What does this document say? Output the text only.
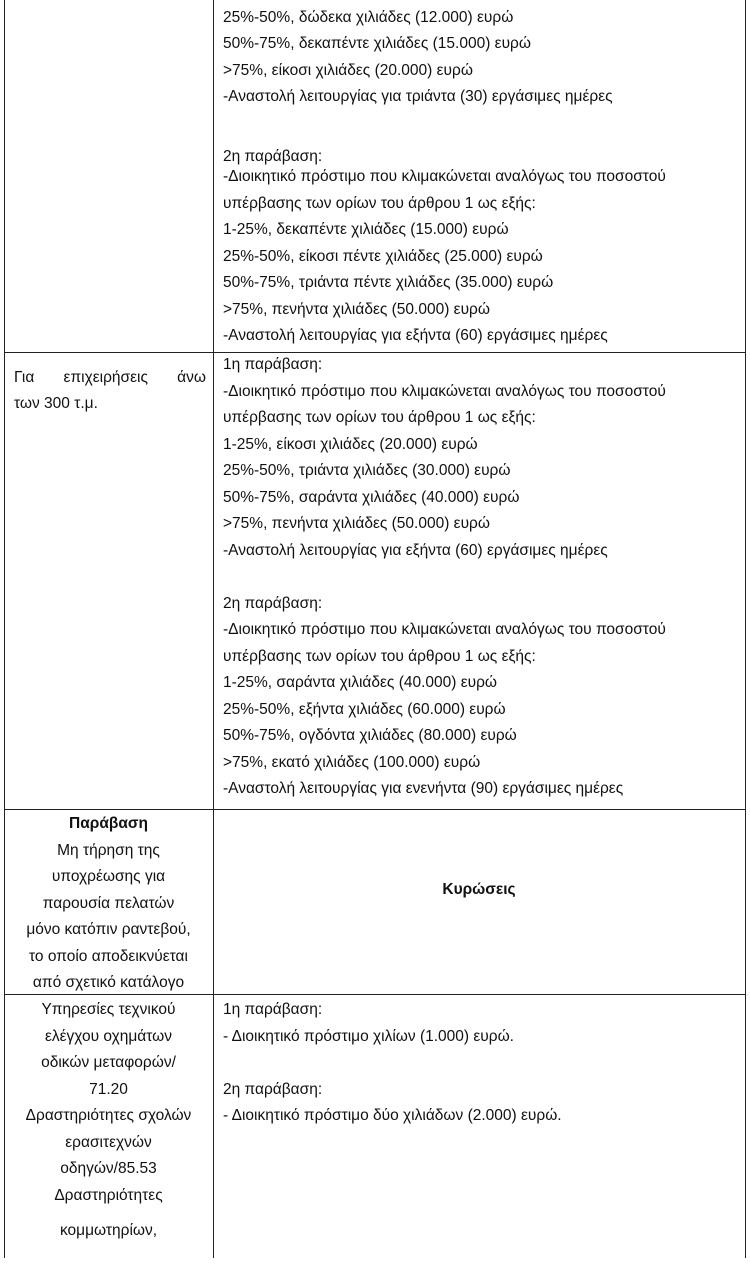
25%-50%, δώδεκα χιλιάδες (12.000) ευρώ
50%-75%, δεκαπέντε χιλιάδες (15.000) ευρώ
>75%, είκοσι χιλιάδες (20.000) ευρώ
-Αναστολή λειτουργίας για τριάντα (30) εργάσιμες ημέρες
2η παράβαση:
-Διοικητικό πρόστιμο που κλιμακώνεται αναλόγως του ποσοστού
υπέρβασης των ορίων του άρθρου 1 ως εξής:
1-25%, δεκαπέντε χιλιάδες (15.000) ευρώ
25%-50%, είκοσι πέντε χιλιάδες (25.000) ευρώ
50%-75%, τριάντα πέντε χιλιάδες (35.000) ευρώ
>75%, πενήντα χιλιάδες (50.000) ευρώ
-Αναστολή λειτουργίας για εξήντα (60) εργάσιμες ημέρες
Για επιχειρήσεις άνω
των 300 τ.μ.
1η παράβαση:
-Διοικητικό πρόστιμο που κλιμακώνεται αναλόγως του ποσοστού
υπέρβασης των ορίων του άρθρου 1 ως εξής:
1-25%, είκοσι χιλιάδες (20.000) ευρώ
25%-50%, τριάντα χιλιάδες (30.000) ευρώ
50%-75%, σαράντα χιλιάδες (40.000) ευρώ
>75%, πενήντα χιλιάδες (50.000) ευρώ
-Αναστολή λειτουργίας για εξήντα (60) εργάσιμες ημέρες
2η παράβαση:
-Διοικητικό πρόστιμο που κλιμακώνεται αναλόγως του ποσοστού
υπέρβασης των ορίων του άρθρου 1 ως εξής:
1-25%, σαράντα χιλιάδες (40.000) ευρώ
25%-50%, εξήντα χιλιάδες (60.000) ευρώ
50%-75%, ογδόντα χιλιάδες (80.000) ευρώ
>75%, εκατό χιλιάδες (100.000) ευρώ
-Αναστολή λειτουργίας για ενενήντα (90) εργάσιμες ημέρες
Παράβαση
Μη τήρηση της
υποχρέωσης για
παρουσία πελατών
μόνο κατόπιν ραντεβού,
το οποίο αποδεικνύεται
από σχετικό κατάλογο
Κυρώσεις
Υπηρεσίες τεχνικού
ελέγχου οχημάτων
οδικών μεταφορών/
71.20
Δραστηριότητες σχολών
ερασιτεχνών
οδηγών/85.53
Δραστηριότητες
κομμωτηρίων,
1η παράβαση:
- Διοικητικό πρόστιμο χιλίων (1.000) ευρώ.
2η παράβαση:
- Διοικητικό πρόστιμο δύο χιλιάδων (2.000) ευρώ.
